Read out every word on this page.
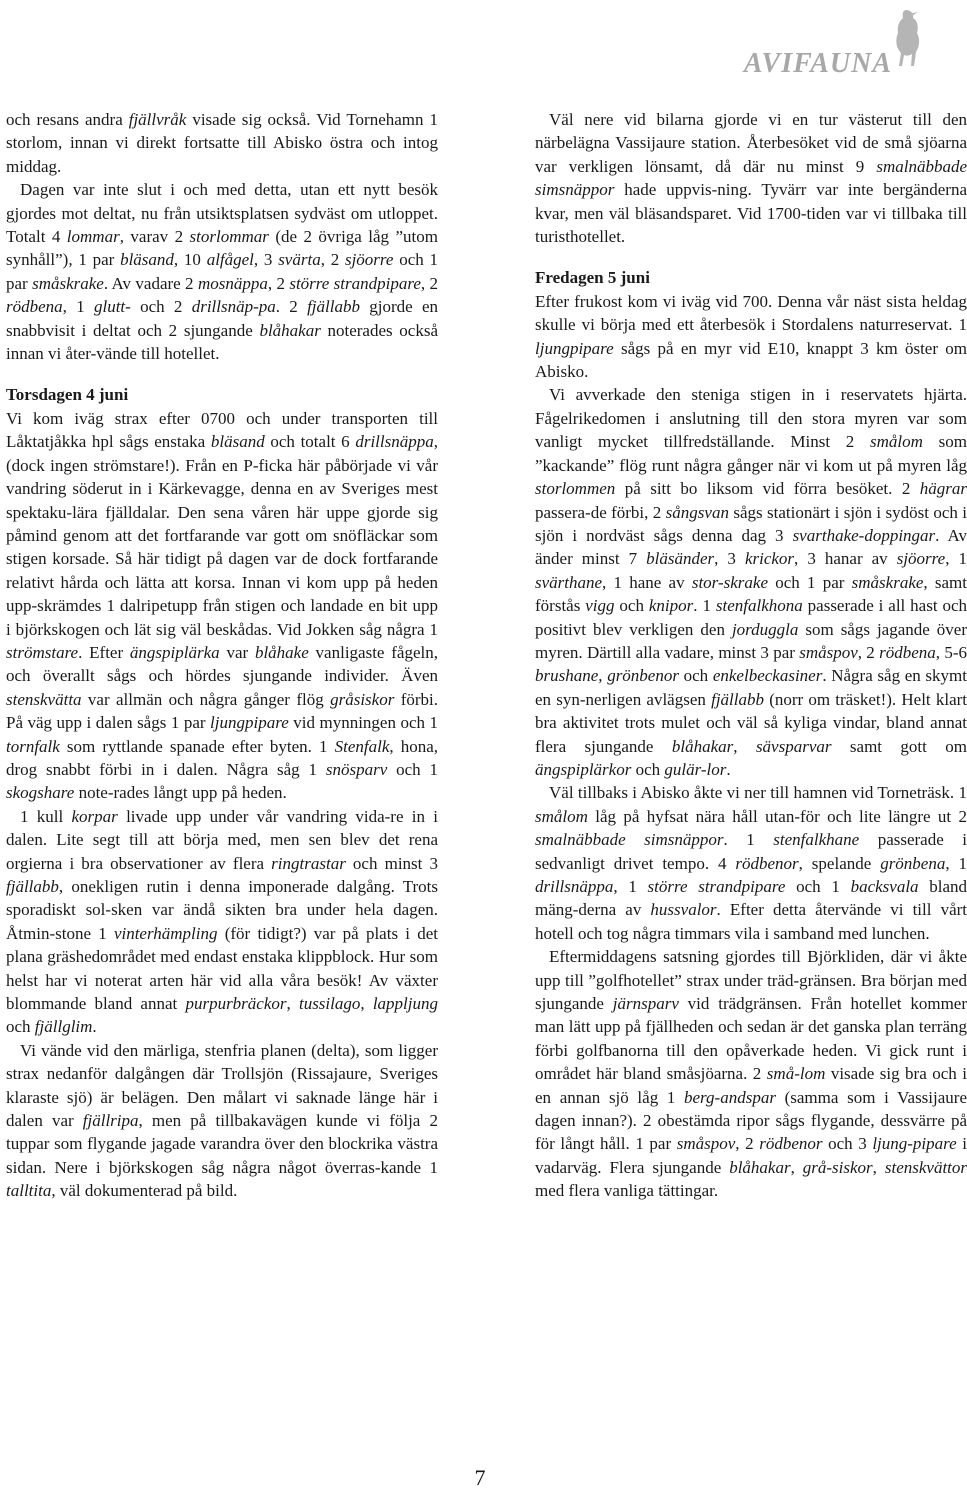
AVIFAUNA

och resans andra fjällvråk visade sig också. Vid Tornehamn 1 storlom, innan vi direkt fortsatte till Abisko östra och intog middag.

Dagen var inte slut i och med detta, utan ett nytt besök gjordes mot deltat, nu från utsiktsplatsen sydväst om utloppet. Totalt 4 lommar, varav 2 storlommar (de 2 övriga låg ”utom synhåll”), 1 par bläsand, 10 alfågel, 3 svärta, 2 sjöorre och 1 par småskrake. Av vadare 2 mosnäppa, 2 större strandpipare, 2 rödbena, 1 glutt- och 2 drillsnäp-pa. 2 fjällabb gjorde en snabbvisit i deltat och 2 sjungande blåhakar noterades också innan vi åter-vände till hotellet.

Torsdagen 4 juni

Vi kom iväg strax efter 0700 och under transporten till Låktatjåkka hpl sågs enstaka bläsand och totalt 6 drillsnäppa, (dock ingen strömstare!). Från en P-ficka här påbörjade vi vår vandring söderut in i Kärkevagge, denna en av Sveriges mest spektaku-lära fjälldalar. Den sena våren här uppe gjorde sig påmind genom att det fortfarande var gott om snöfläckar som stigen korsade. Så här tidigt på dagen var de dock fortfarande relativt hårda och lätta att korsa. Innan vi kom upp på heden upp-skrämdes 1 dalripetupp från stigen och landade en bit upp i björkskogen och lät sig väl beskådas. Vid Jokken såg några 1 strömstare. Efter ängspiplärka var blåhake vanligaste fågeln, och överallt sågs och hördes sjungande individer. Även stenskvätta var allmän och några gånger flög gråsiskor förbi. På väg upp i dalen sågs 1 par ljungpipare vid mynningen och 1 tornfalk som ryttlande spanade efter byten. 1 Stenfalk, hona, drog snabbt förbi in i dalen. Några såg 1 snösparv och 1 skogshare note-rades långt upp på heden.

1 kull korpar livade upp under vår vandring vida-re in i dalen. Lite segt till att börja med, men sen blev det rena orgierna i bra observationer av flera ringtrastar och minst 3 fjällabb, onekligen rutin i denna imponerade dalgång. Trots sporadiskt sol-sken var ändå sikten bra under hela dagen. Åtmin-stone 1 vinterhämpling (för tidigt?) var på plats i det plana gräshedområdet med endast enstaka klippblock. Hur som helst har vi noterat arten här vid alla våra besök! Av växter blommande bland annat purpurbräckor, tussilago, lappljung och fjällglim.

Vi vände vid den märliga, stenfria planen (delta), som ligger strax nedanför dalgången där Trollsjön (Rissajaure, Sveriges klaraste sjö) är belägen. Den målart vi saknade länge här i dalen var fjällripa, men på tillbakavägen kunde vi följa 2 tuppar som flygande jagade varandra över den blockrika västra sidan. Nere i björkskogen såg några något överras-kande 1 talltita, väl dokumenterad på bild.

Väl nere vid bilarna gjorde vi en tur västerut till den närbelägna Vassijaure station. Återbesöket vid de små sjöarna var verkligen lönsamt, då där nu minst 9 smalnäbbade simsnäppor hade uppvis-ning. Tyvärr var inte bergänderna kvar, men väl bläsandsparet. Vid 1700-tiden var vi tillbaka till turisthotellet.

Fredagen 5 juni

Efter frukost kom vi iväg vid 700. Denna vår näst sista heldag skulle vi börja med ett återbesök i Stordalens naturreservat. 1 ljungpipare sågs på en myr vid E10, knappt 3 km öster om Abisko.

Vi avverkade den steniga stigen in i reservatets hjärta. Fågelrikedomen i anslutning till den stora myren var som vanligt mycket tillfredställande. Minst 2 smålom som ”kackande” flög runt några gånger när vi kom ut på myren låg storlommen på sitt bo liksom vid förra besöket. 2 hägrar passera-de förbi, 2 sångsvan sågs stationärt i sjön i sydöst och i sjön i nordväst sågs denna dag 3 svarthake-doppingar. Av änder minst 7 bläsänder, 3 krickor, 3 hanar av sjöorre, 1 svärthane, 1 hane av stor-skrake och 1 par småskrake, samt förstås vigg och knipor. 1 stenfalkhona passerade i all hast och positivt blev verkligen den jorduggla som sågs jagande över myren. Därtill alla vadare, minst 3 par småspov, 2 rödbena, 5-6 brushane, grönbenor och enkelbeckasiner. Några såg en skymt en syn-nerligen avlägsen fjällabb (norr om träsket!). Helt klart bra aktivitet trots mulet och väl så kyliga vindar, bland annat flera sjungande blåhakar, sävsparvar samt gott om ängspiplärkor och gulär-lor.

Väl tillbaks i Abisko åkte vi ner till hamnen vid Torneträsk. 1 smålom låg på hyfsat nära håll utan-för och lite längre ut 2 smalnäbbade simsnäppor. 1 stenfalkhane passerade i sedvanligt drivet tempo. 4 rödbenor, spelande grönbena, 1 drillsnäppa, 1 större strandpipare och 1 backsvala bland mäng-derna av hussvalor. Efter detta återvände vi till vårt hotell och tog några timmars vila i samband med lunchen.

Eftermiddagens satsning gjordes till Björkliden, där vi åkte upp till ”golfhotellet” strax under träd-gränsen. Bra början med sjungande järnsparv vid trädgränsen. Från hotellet kommer man lätt upp på fjällheden och sedan är det ganska plan terräng förbi golfbanorna till den opåverkade heden. Vi gick runt i området här bland småsjöarna. 2 små-lom visade sig bra och i en annan sjö låg 1 berg-andspar (samma som i Vassijaure dagen innan?). 2 obestämda ripor sågs flygande, dessvärre på för långt håll. 1 par småspov, 2 rödbenor och 3 ljung-pipare i vadarväg. Flera sjungande blåhakar, grå-siskor, stenskvättor med flera vanliga tättingar.

7
